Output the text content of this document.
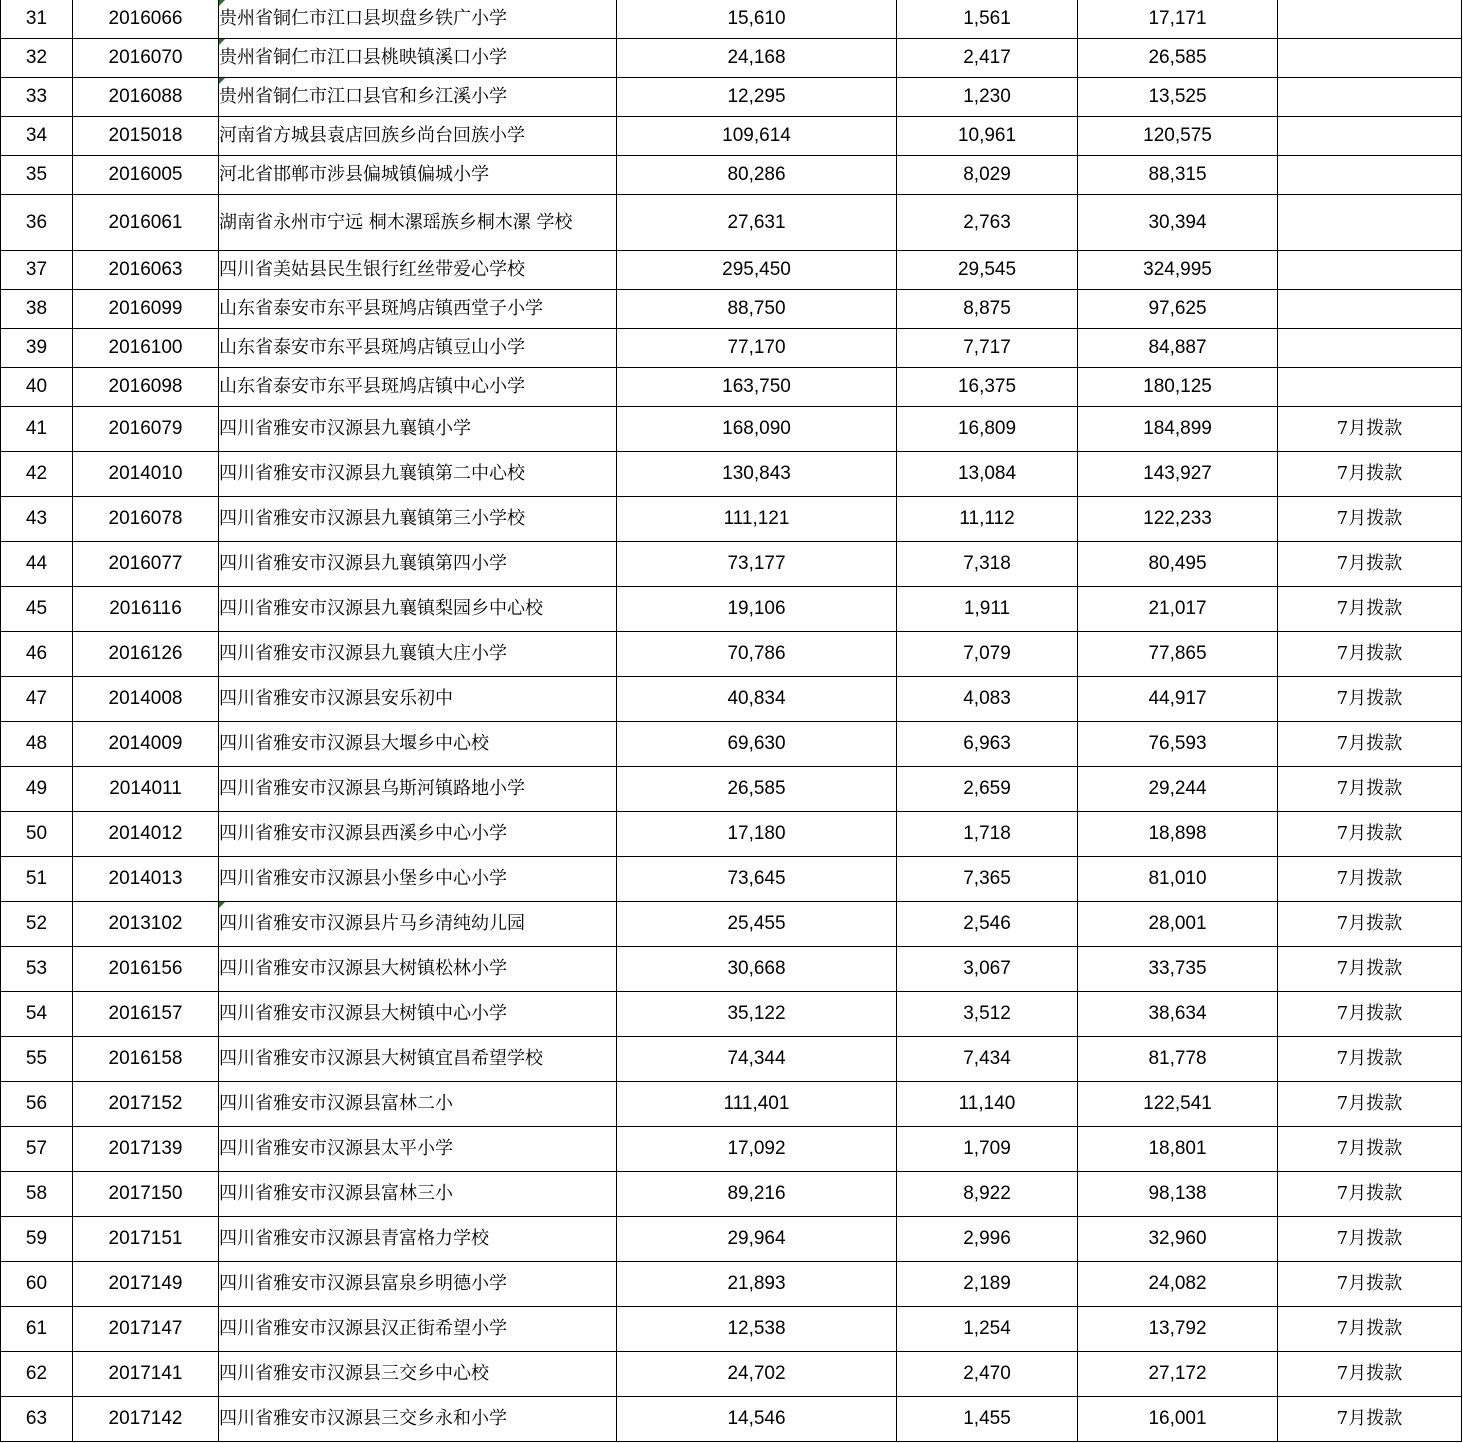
31	2016066	贵州省铜仁市江口县坝盘乡铁广小学	15,610	1,561	17,171	
32	2016070	贵州省铜仁市江口县桃映镇溪口小学	24,168	2,417	26,585	
33	2016088	贵州省铜仁市江口县官和乡江溪小学	12,295	1,230	13,525	
34	2015018	河南省方城县袁店回族乡尚台回族小学	109,614	10,961	120,575	
35	2016005	河北省邯郸市涉县偏城镇偏城小学	80,286	8,029	88,315	
36	2016061	湖南省永州市宁远 桐木漯瑶族乡桐木漯 学校	27,631	2,763	30,394	
37	2016063	四川省美姑县民生银行红丝带爱心学校	295,450	29,545	324,995	
38	2016099	山东省泰安市东平县斑鸠店镇西堂子小学	88,750	8,875	97,625	
39	2016100	山东省泰安市东平县斑鸠店镇豆山小学	77,170	7,717	84,887	
40	2016098	山东省泰安市东平县斑鸠店镇中心小学	163,750	16,375	180,125	
41	2016079	四川省雅安市汉源县九襄镇小学	168,090	16,809	184,899	7月拨款
42	2014010	四川省雅安市汉源县九襄镇第二中心校	130,843	13,084	143,927	7月拨款
43	2016078	四川省雅安市汉源县九襄镇第三小学校	111,121	11,112	122,233	7月拨款
44	2016077	四川省雅安市汉源县九襄镇第四小学	73,177	7,318	80,495	7月拨款
45	2016116	四川省雅安市汉源县九襄镇梨园乡中心校	19,106	1,911	21,017	7月拨款
46	2016126	四川省雅安市汉源县九襄镇大庄小学	70,786	7,079	77,865	7月拨款
47	2014008	四川省雅安市汉源县安乐初中	40,834	4,083	44,917	7月拨款
48	2014009	四川省雅安市汉源县大堰乡中心校	69,630	6,963	76,593	7月拨款
49	2014011	四川省雅安市汉源县乌斯河镇路地小学	26,585	2,659	29,244	7月拨款
50	2014012	四川省雅安市汉源县西溪乡中心小学	17,180	1,718	18,898	7月拨款
51	2014013	四川省雅安市汉源县小堡乡中心小学	73,645	7,365	81,010	7月拨款
52	2013102	四川省雅安市汉源县片马乡清纯幼儿园	25,455	2,546	28,001	7月拨款
53	2016156	四川省雅安市汉源县大树镇松林小学	30,668	3,067	33,735	7月拨款
54	2016157	四川省雅安市汉源县大树镇中心小学	35,122	3,512	38,634	7月拨款
55	2016158	四川省雅安市汉源县大树镇宜昌希望学校	74,344	7,434	81,778	7月拨款
56	2017152	四川省雅安市汉源县富林二小	111,401	11,140	122,541	7月拨款
57	2017139	四川省雅安市汉源县太平小学	17,092	1,709	18,801	7月拨款
58	2017150	四川省雅安市汉源县富林三小	89,216	8,922	98,138	7月拨款
59	2017151	四川省雅安市汉源县青富格力学校	29,964	2,996	32,960	7月拨款
60	2017149	四川省雅安市汉源县富泉乡明德小学	21,893	2,189	24,082	7月拨款
61	2017147	四川省雅安市汉源县汉正街希望小学	12,538	1,254	13,792	7月拨款
62	2017141	四川省雅安市汉源县三交乡中心校	24,702	2,470	27,172	7月拨款
63	2017142	四川省雅安市汉源县三交乡永和小学	14,546	1,455	16,001	7月拨款
